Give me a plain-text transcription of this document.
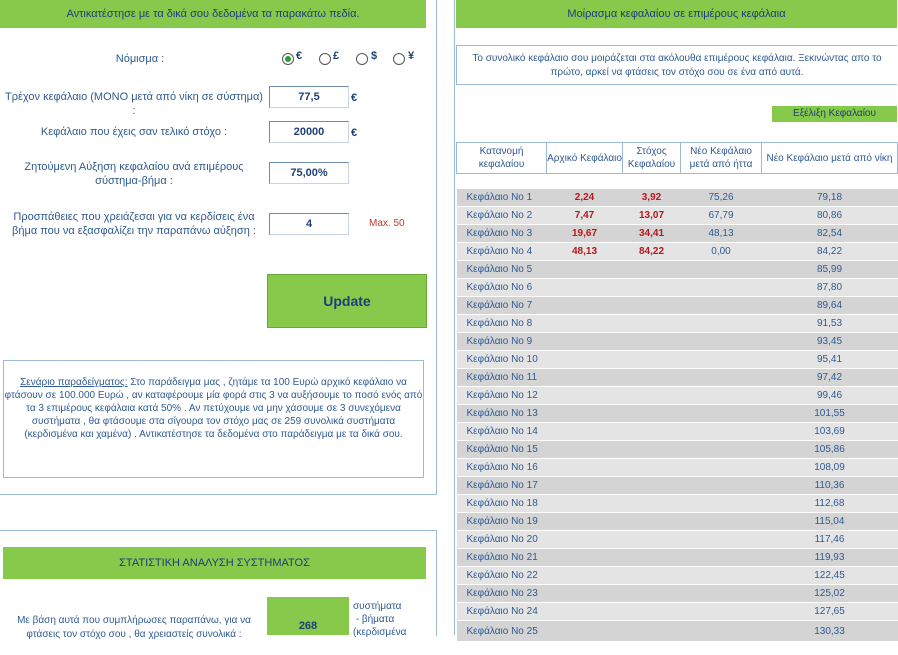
Αντικατέστησε με τα δικά σου δεδομένα τα παρακάτω πεδία.
Νόμισμα :	€	£	$	¥
Τρέχον κεφάλαιο (ΜΟΝΟ μετά από νίκη σε σύστημα) :
77,5	€
Κεφάλαιο που έχεις σαν τελικό στόχο :	20000	€
Ζητούμενη Αύξηση κεφαλαίου ανά επιμέρους σύστημα-βήμα :
75,00%
Προσπάθειες που χρειάζεσαι για να κερδίσεις ένα βήμα που να εξασφαλίζει την παραπάνω αύξηση :
4	Max. 50
Update
Σενάριο παραδείγματος: Στο παράδειγμα μας , ζητάμε τα 100 Ευρώ αρχικό κεφάλαιο να φτάσουν σε 100.000 Ευρώ , αν καταφέρουμε μία φορά στις 3 να αυξήσουμε το ποσό ενός από τα 3 επιμέρους κεφάλαια κατά 50% . Αν πετύχουμε να μην χάσουμε σε 3 συνεχόμενα συστήματα , θα φτάσουμε στα σίγουρα τον στόχο μας σε 259 συνολικά συστήματα (κερδισμένα και χαμένα) . Αντικατέστησε τα δεδομένα στο παράδειγμα με τα δικά σου.
ΣΤΑΤΙΣΤΙΚΗ ΑΝΑΛΥΣΗ ΣΥΣΤΗΜΑΤΟΣ
Με βάση αυτά που συμπλήρωσες παραπάνω, για να φτάσεις τον στόχο σου , θα χρειαστείς συνολικά :
268
συστήματα - βήματα (κερδισμένα
Μοίρασμα κεφαλαίου σε επιμέρους κεφάλαια
Το συνολικό κεφάλαιο σου μοιράζεται στα ακόλουθα επιμέρους κεφάλαια. Ξεκινώντας απο το πρώτο, αρκεί να φτάσεις τον στόχο σου σε ένα από αυτά.
Εξέλιξη Κεφαλαίου
Κατανομή κεφαλαίου	Αρχικό Κεφάλαιο	Στόχος Κεφαλαίου	Νέο Κεφάλαιο μετά από ήττα	Νέο Κεφάλαιο μετά από νίκη

Κεφάλαιο Νο 1	2,24	3,92	75,26	79,18
Κεφάλαιο Νο 2	7,47	13,07	67,79	80,86
Κεφάλαιο Νο 3	19,67	34,41	48,13	82,54
Κεφάλαιο Νο 4	48,13	84,22	0,00	84,22
Κεφάλαιο Νο 5				85,99
Κεφάλαιο Νο 6				87,80
Κεφάλαιο Νο 7				89,64
Κεφάλαιο Νο 8				91,53
Κεφάλαιο Νο 9				93,45
Κεφάλαιο Νο 10				95,41
Κεφάλαιο Νο 11				97,42
Κεφάλαιο Νο 12				99,46
Κεφάλαιο Νο 13				101,55
Κεφάλαιο Νο 14				103,69
Κεφάλαιο Νο 15				105,86
Κεφάλαιο Νο 16				108,09
Κεφάλαιο Νο 17				110,36
Κεφάλαιο Νο 18				112,68
Κεφάλαιο Νο 19				115,04
Κεφάλαιο Νο 20				117,46
Κεφάλαιο Νο 21				119,93
Κεφάλαιο Νο 22				122,45
Κεφάλαιο Νο 23				125,02
Κεφάλαιο Νο 24				127,65
Κεφάλαιο Νο 25				130,33
